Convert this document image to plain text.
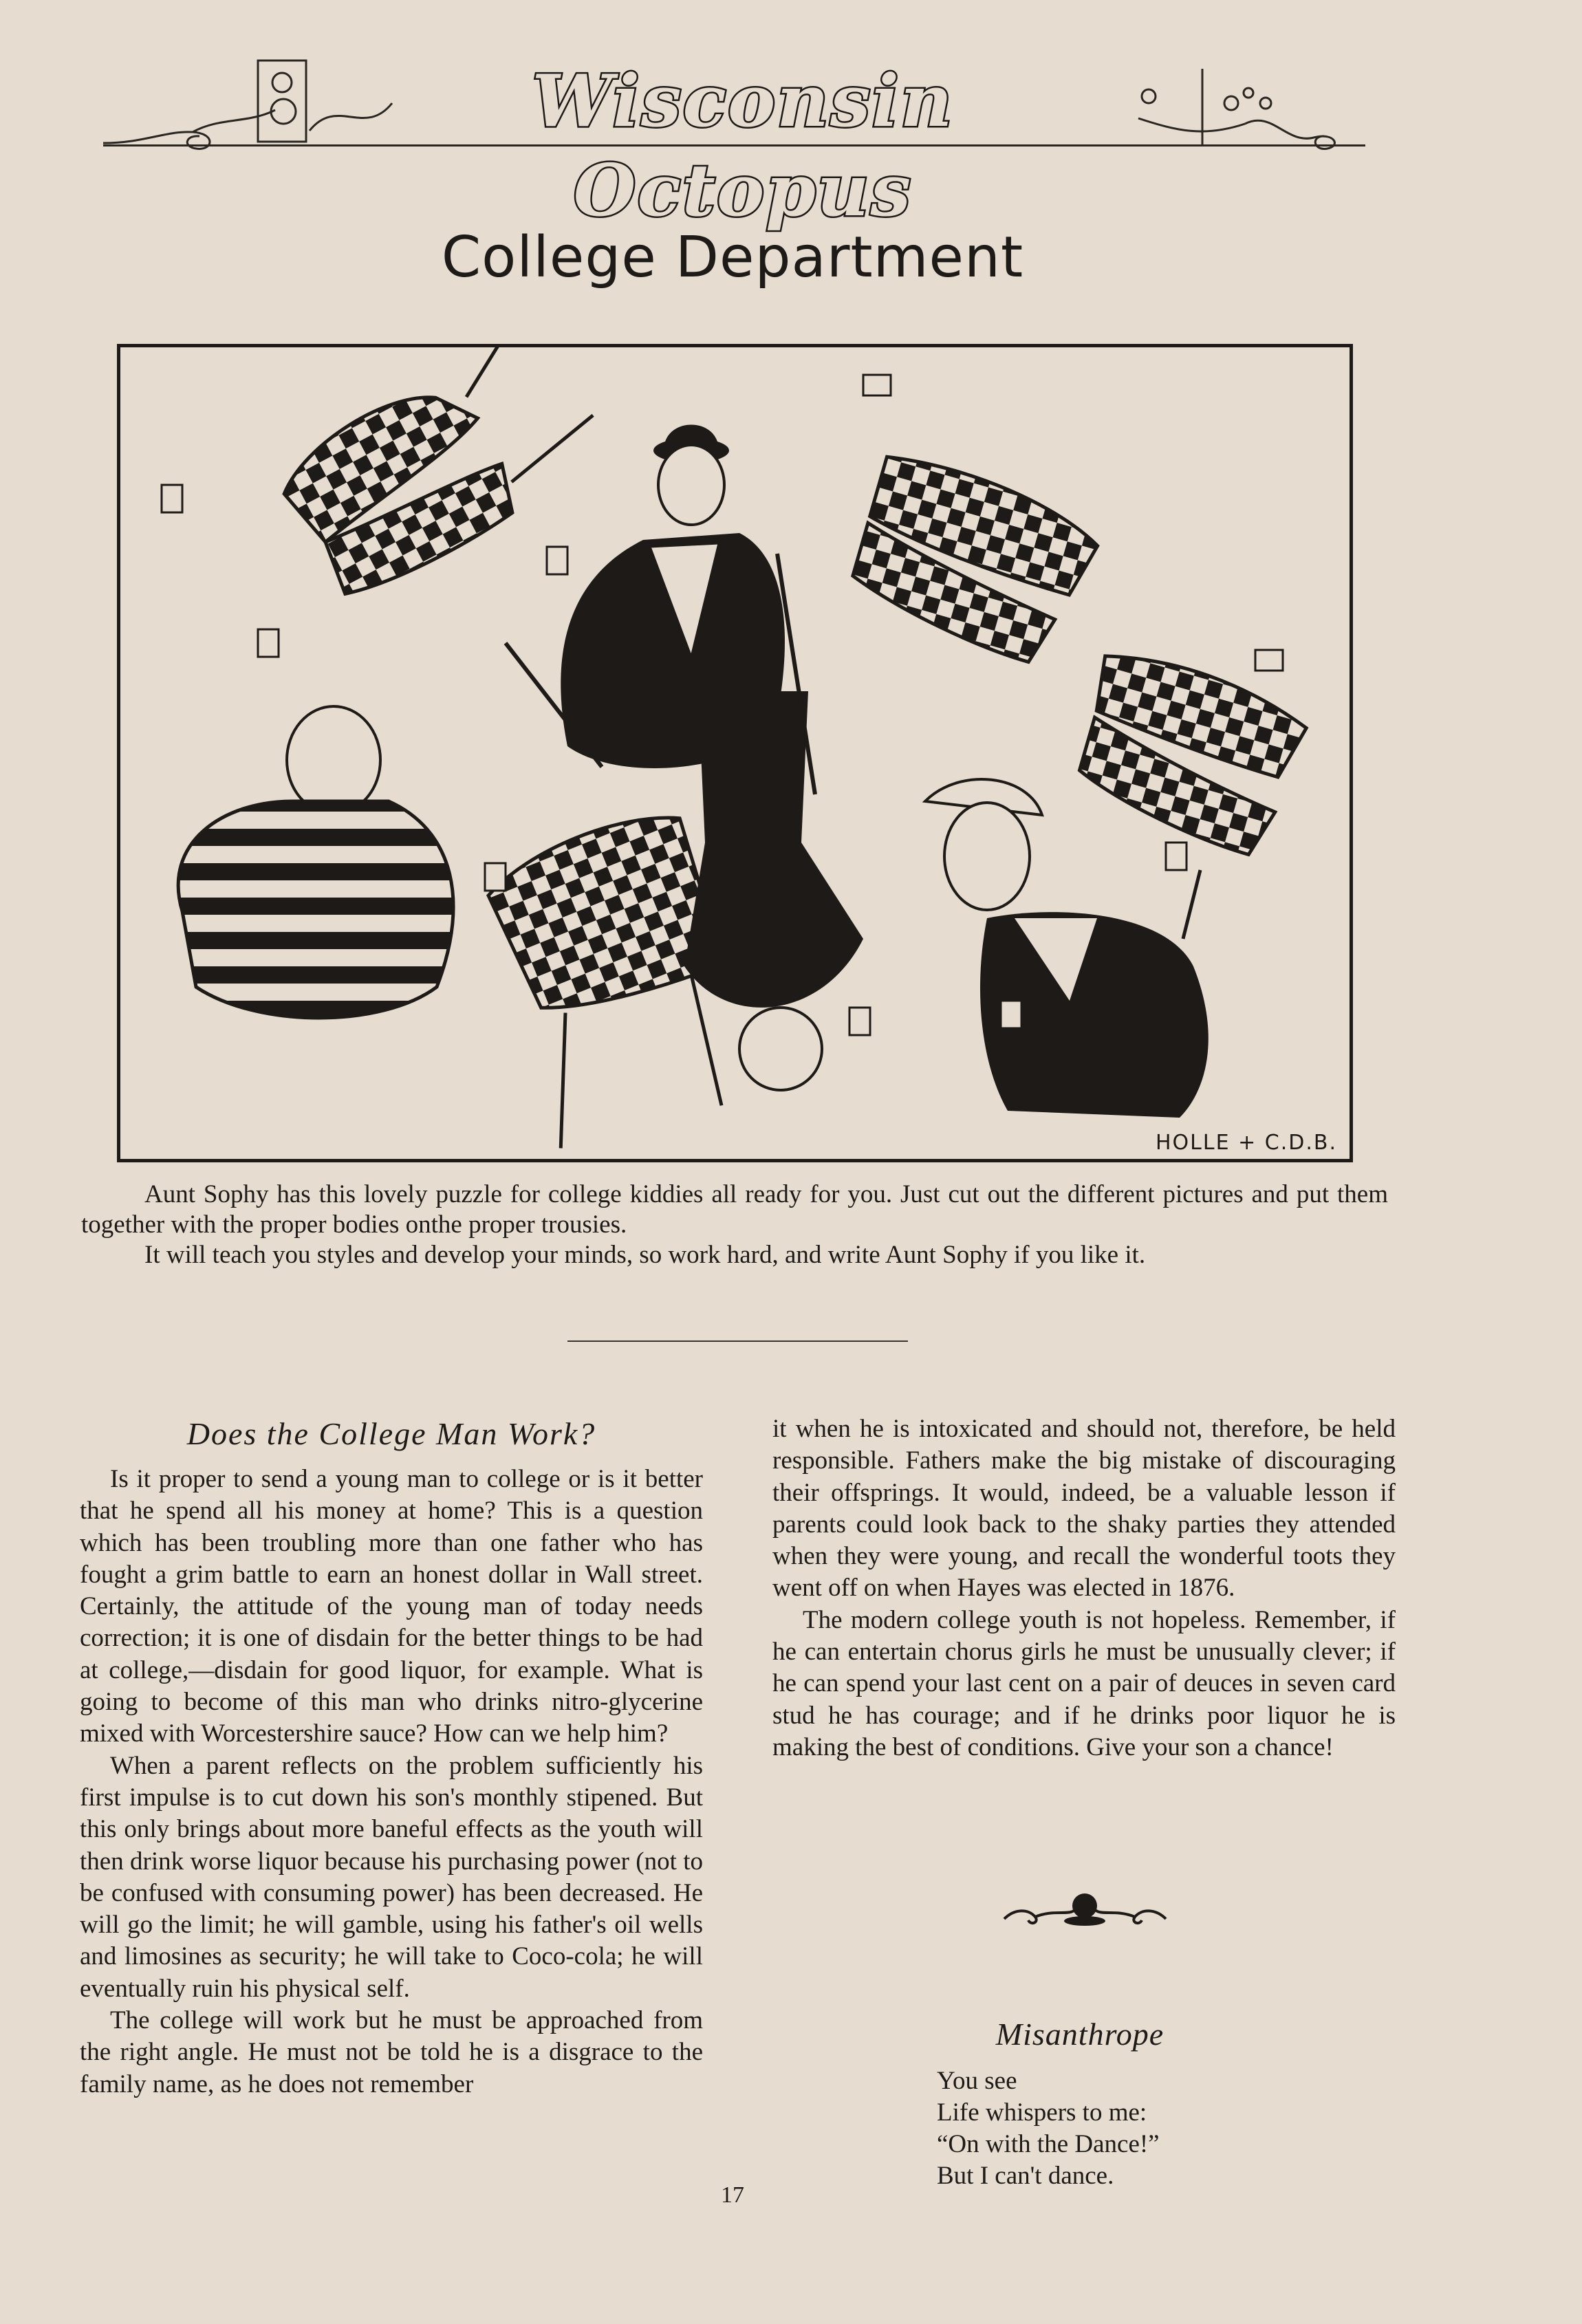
Wisconsin Octopus
College Department
HOLLE + C.D.B.
Aunt Sophy has this lovely puzzle for college kiddies all ready for you. Just cut out the different pictures and put them together with the proper bodies onthe proper trousies.
It will teach you styles and develop your minds, so work hard, and write Aunt Sophy if you like it.
Does the College Man Work?

Is it proper to send a young man to college or is it better that he spend all his money at home? This is a question which has been troubling more than one father who has fought a grim battle to earn an honest dollar in Wall street. Certainly, the attitude of the young man of today needs correction; it is one of disdain for the better things to be had at college,—disdain for good liquor, for example. What is going to become of this man who drinks nitro-glycerine mixed with Worcestershire sauce? How can we help him?

When a parent reflects on the problem sufficiently his first impulse is to cut down his son's monthly stipened. But this only brings about more baneful effects as the youth will then drink worse liquor because his purchasing power (not to be confused with consuming power) has been decreased. He will go the limit; he will gamble, using his father's oil wells and limosines as security; he will take to Coco-cola; he will eventually ruin his physical self.

The college will work but he must be approached from the right angle. He must not be told he is a disgrace to the family name, as he does not remember

it when he is intoxicated and should not, therefore, be held responsible. Fathers make the big mistake of discouraging their offsprings. It would, indeed, be a valuable lesson if parents could look back to the shaky parties they attended when they were young, and recall the wonderful toots they went off on when Hayes was elected in 1876.

The modern college youth is not hopeless. Remember, if he can entertain chorus girls he must be unusually clever; if he can spend your last cent on a pair of deuces in seven card stud he has courage; and if he drinks poor liquor he is making the best of conditions. Give your son a chance!

Misanthrope
You see
Life whispers to me:
“On with the Dance!”
But I can't dance.
17
